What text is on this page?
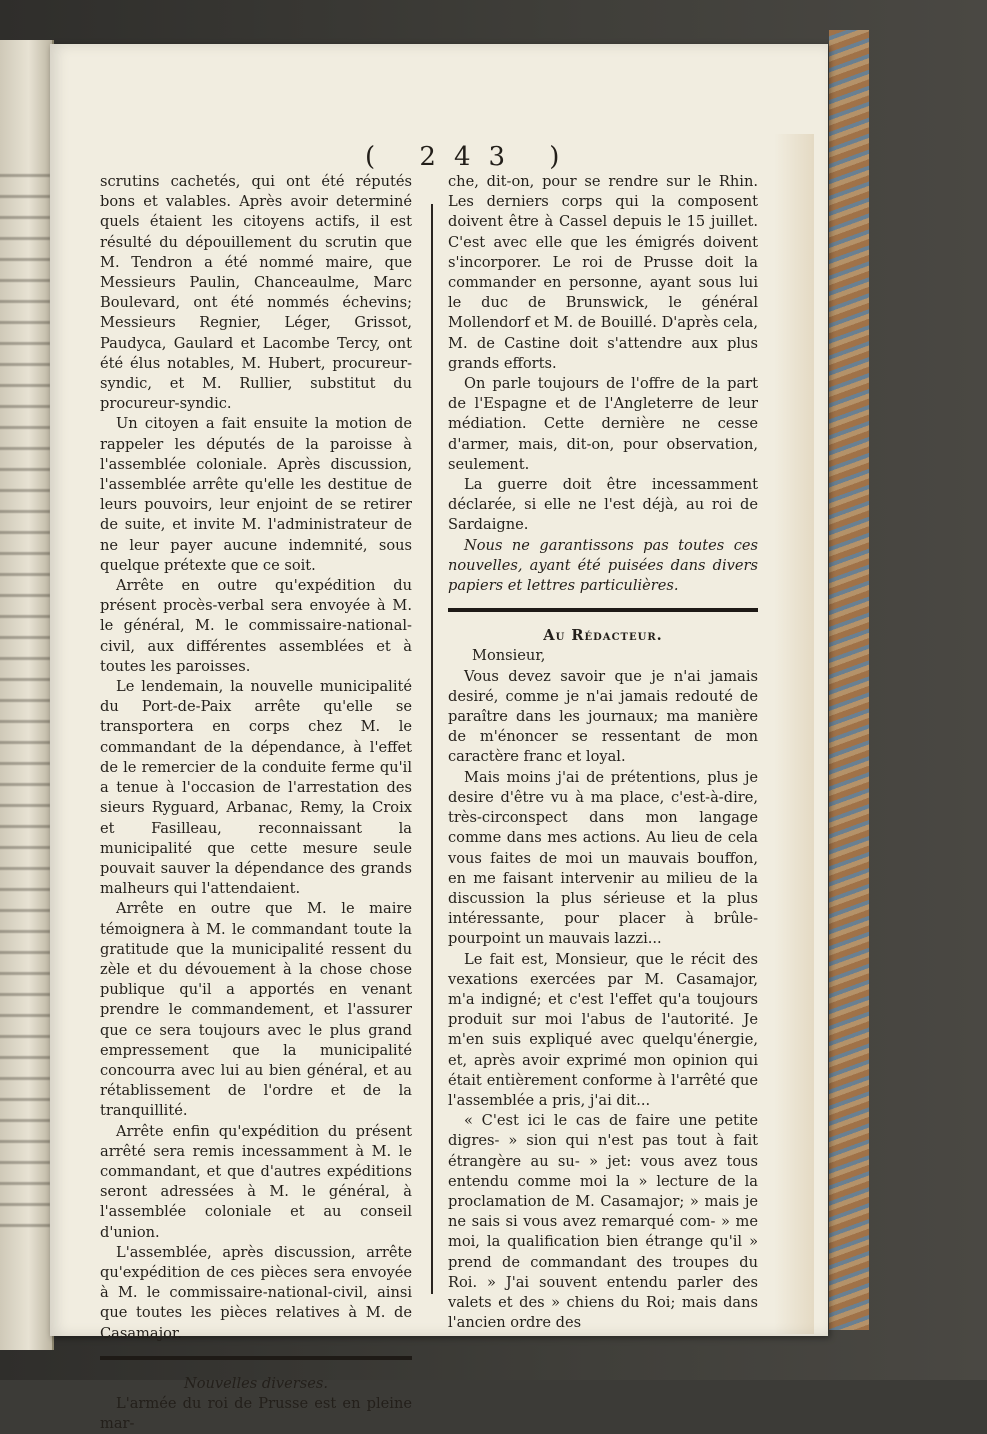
( 243 )

scrutins cachetés, qui ont été réputés bons et valables. Après avoir determiné quels étaient les citoyens actifs, il est résulté du dépouillement du scrutin que M. Tendron a été nommé maire, que Messieurs Paulin, Chanceaulme, Marc Boulevard, ont été nommés échevins; Messieurs Regnier, Léger, Grissot, Paudyca, Gaulard et Lacombe Tercy, ont été élus notables, M. Hubert, procureur-syndic, et M. Rullier, substitut du procureur-syndic.

Un citoyen a fait ensuite la motion de rappeler les députés de la paroisse à l'assemblée coloniale. Après discussion, l'assemblée arrête qu'elle les destitue de leurs pouvoirs, leur enjoint de se retirer de suite, et invite M. l'administrateur de ne leur payer aucune indemnité, sous quelque prétexte que ce soit.

Arrête en outre qu'expédition du présent procès-verbal sera envoyée à M. le général, M. le commissaire-national-civil, aux différentes assemblées et à toutes les paroisses.

Le lendemain, la nouvelle municipalité du Port-de-Paix arrête qu'elle se transportera en corps chez M. le commandant de la dépendance, à l'effet de le remercier de la conduite ferme qu'il a tenue à l'occasion de l'arrestation des sieurs Ryguard, Arbanac, Remy, la Croix et Fasilleau, reconnaissant la municipalité que cette mesure seule pouvait sauver la dépendance des grands malheurs qui l'attendaient.

Arrête en outre que M. le maire témoignera à M. le commandant toute la gratitude que la municipalité ressent du zèle et du dévouement à la chose chose publique qu'il a apportés en venant prendre le commandement, et l'assurer que ce sera toujours avec le plus grand empressement que la municipalité concourra avec lui au bien général, et au rétablissement de l'ordre et de la tranquillité.

Arrête enfin qu'expédition du présent arrêté sera remis incessamment à M. le commandant, et que d'autres expéditions seront adressées à M. le général, à l'assemblée coloniale et au conseil d'union.

L'assemblée, après discussion, arrête qu'expédition de ces pièces sera envoyée à M. le commissaire-national-civil, ainsi que toutes les pièces relatives à M. de Casamajor.

Nouvelles diverses.

L'armée du roi de Prusse est en pleine mar-

che, dit-on, pour se rendre sur le Rhin. Les derniers corps qui la composent doivent être à Cassel depuis le 15 juillet. C'est avec elle que les émigrés doivent s'incorporer. Le roi de Prusse doit la commander en personne, ayant sous lui le duc de Brunswick, le général Mollendorf et M. de Bouillé. D'après cela, M. de Castine doit s'attendre aux plus grands efforts.

On parle toujours de l'offre de la part de l'Espagne et de l'Angleterre de leur médiation. Cette dernière ne cesse d'armer, mais, dit-on, pour observation, seulement.

La guerre doit être incessamment déclarée, si elle ne l'est déjà, au roi de Sardaigne.

Nous ne garantissons pas toutes ces nouvelles, ayant été puisées dans divers papiers et lettres particulières.

Au Rédacteur.

Monsieur,

Vous devez savoir que je n'ai jamais desiré, comme je n'ai jamais redouté de paraître dans les journaux; ma manière de m'énoncer se ressentant de mon caractère franc et loyal.

Mais moins j'ai de prétentions, plus je desire d'être vu à ma place, c'est-à-dire, très-circonspect dans mon langage comme dans mes actions. Au lieu de cela vous faites de moi un mauvais bouffon, en me faisant intervenir au milieu de la discussion la plus sérieuse et la plus intéressante, pour placer à brûle-pourpoint un mauvais lazzi...

Le fait est, Monsieur, que le récit des vexations exercées par M. Casamajor, m'a indigné; et c'est l'effet qu'a toujours produit sur moi l'abus de l'autorité. Je m'en suis expliqué avec quelqu'énergie, et, après avoir exprimé mon opinion qui était entièrement conforme à l'arrêté que l'assemblée a pris, j'ai dit...

« C'est ici le cas de faire une petite digres- » sion qui n'est pas tout à fait étrangère au su- » jet: vous avez tous entendu comme moi la » lecture de la proclamation de M. Casamajor; » mais je ne sais si vous avez remarqué com- » me moi, la qualification bien étrange qu'il » prend de commandant des troupes du Roi. » J'ai souvent entendu parler des valets et des » chiens du Roi; mais dans l'ancien ordre des
